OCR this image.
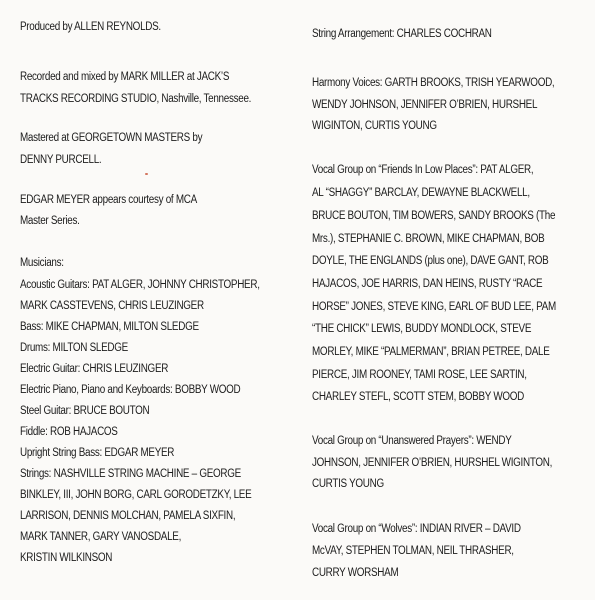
Produced by ALLEN REYNOLDS.
Recorded and mixed by MARK MILLER at JACK’S
TRACKS RECORDING STUDIO, Nashville, Tennessee.
Mastered at GEORGETOWN MASTERS by
DENNY PURCELL.
EDGAR MEYER appears courtesy of MCA
Master Series.
Musicians:
Acoustic Guitars: PAT ALGER, JOHNNY CHRISTOPHER,
MARK CASSTEVENS, CHRIS LEUZINGER
Bass: MIKE CHAPMAN, MILTON SLEDGE
Drums: MILTON SLEDGE
Electric Guitar: CHRIS LEUZINGER
Electric Piano, Piano and Keyboards: BOBBY WOOD
Steel Guitar: BRUCE BOUTON
Fiddle: ROB HAJACOS
Upright String Bass: EDGAR MEYER
Strings: NASHVILLE STRING MACHINE – GEORGE
BINKLEY, III, JOHN BORG, CARL GORODETZKY, LEE
LARRISON, DENNIS MOLCHAN, PAMELA SIXFIN,
MARK TANNER, GARY VANOSDALE,
KRISTIN WILKINSON
String Arrangement: CHARLES COCHRAN
Harmony Voices: GARTH BROOKS, TRISH YEARWOOD,
WENDY JOHNSON, JENNIFER O’BRIEN, HURSHEL
WIGINTON, CURTIS YOUNG
Vocal Group on “Friends In Low Places”: PAT ALGER,
AL “SHAGGY” BARCLAY, DEWAYNE BLACKWELL,
BRUCE BOUTON, TIM BOWERS, SANDY BROOKS (The
Mrs.), STEPHANIE C. BROWN, MIKE CHAPMAN, BOB
DOYLE, THE ENGLANDS (plus one), DAVE GANT, ROB
HAJACOS, JOE HARRIS, DAN HEINS, RUSTY “RACE
HORSE” JONES, STEVE KING, EARL OF BUD LEE, PAM
“THE CHICK” LEWIS, BUDDY MONDLOCK, STEVE
MORLEY, MIKE “PALMERMAN”, BRIAN PETREE, DALE
PIERCE, JIM ROONEY, TAMI ROSE, LEE SARTIN,
CHARLEY STEFL, SCOTT STEM, BOBBY WOOD
Vocal Group on “Unanswered Prayers”: WENDY
JOHNSON, JENNIFER O’BRIEN, HURSHEL WIGINTON,
CURTIS YOUNG
Vocal Group on “Wolves”: INDIAN RIVER – DAVID
McVAY, STEPHEN TOLMAN, NEIL THRASHER,
CURRY WORSHAM
